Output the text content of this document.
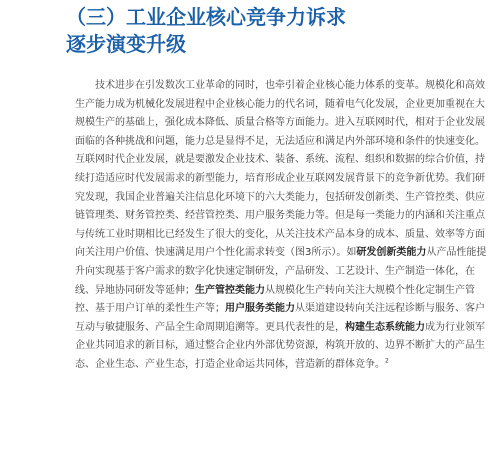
（三）工业企业核心竞争力诉求
逐步演变升级

技术进步在引发数次工业革命的同时，也牵引着企业核心能力体系的变革。规模化和高效生产能力成为机械化发展进程中企业核心能力的代名词，随着电气化发展，企业更加重视在大规模生产的基础上，强化成本降低、质量合格等方面能力。进入互联网时代，相对于企业发展面临的各种挑战和问题，能力总是显得不足，无法适应和满足内外部环境和条件的快速变化。互联网时代企业发展，就是要激发企业技术、装备、系统、流程、组织和数据的综合价值，持续打造适应时代发展需求的新型能力，培育形成企业互联网发展背景下的竞争新优势。我们研究发现，我国企业普遍关注信息化环境下的六大类能力，包括研发创新类、生产管控类、供应链管理类、财务管控类、经营管控类、用户服务类能力等。但是每一类能力的内涵和关注重点与传统工业时期相比已经发生了很大的变化，从关注技术产品本身的成本、质量、效率等方面向关注用户价值、快速满足用户个性化需求转变（图3所示）。如研发创新类能力从产品性能提升向实现基于客户需求的数字化快速定制研发，产品研发、工艺设计、生产制造一体化，在线、异地协同研发等延伸；生产管控类能力从规模化生产转向关注大规模个性化定制生产管控、基于用户订单的柔性生产等；用户服务类能力从渠道建设转向关注远程诊断与服务、客户互动与敏捷服务、产品全生命周期追溯等。更具代表性的是，构建生态系统能力成为行业领军企业共同追求的新目标，通过整合企业内外部优势资源，构筑开放的、边界不断扩大的产品生态、企业生态、产业生态，打造企业命运共同体，营造新的群体竞争。$^2$
